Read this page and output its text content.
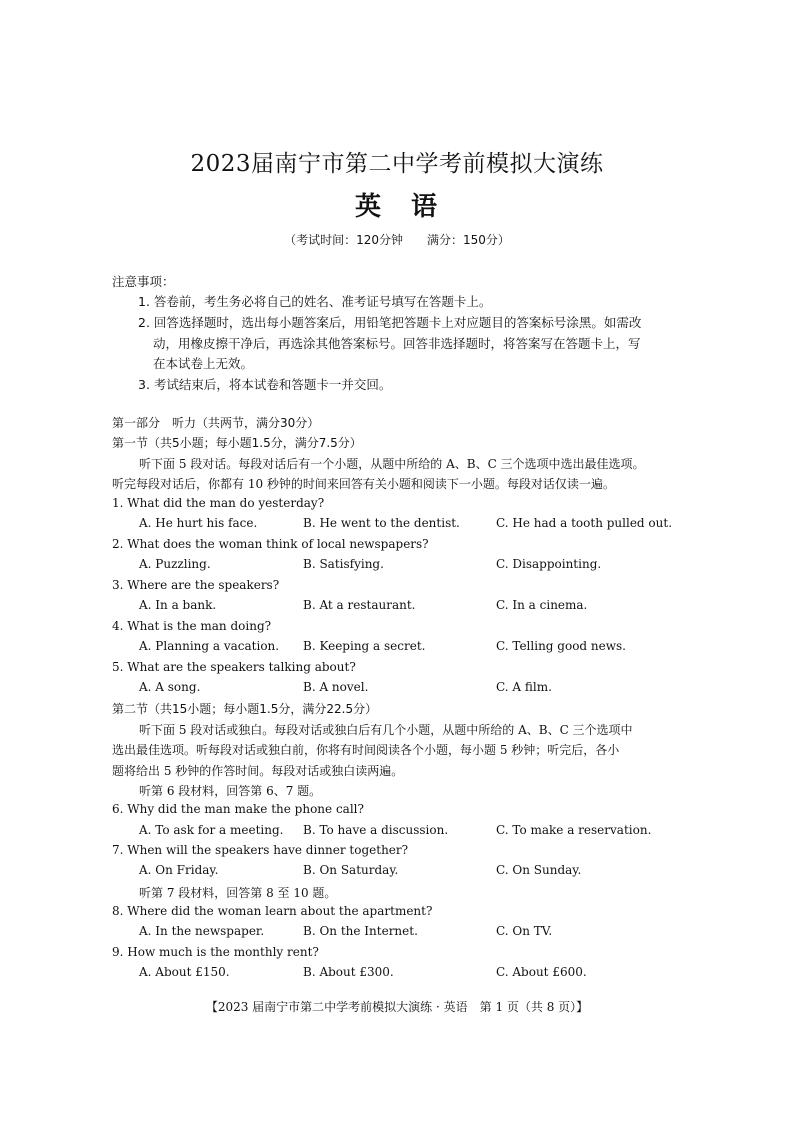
2023届南宁市第二中学考前模拟大演练
英语
（考试时间：120分钟 满分：150分）
注意事项：
1. 答卷前，考生务必将自己的姓名、准考证号填写在答题卡上。
2. 回答选择题时，选出每小题答案后，用铅笔把答题卡上对应题目的答案标号涂黑。如需改
动，用橡皮擦干净后，再选涂其他答案标号。回答非选择题时，将答案写在答题卡上，写
在本试卷上无效。
3. 考试结束后，将本试卷和答题卡一并交回。
第一部分　听力（共两节，满分30分）
第一节（共5小题；每小题1.5分，满分7.5分）
听下面 5 段对话。每段对话后有一个小题，从题中所给的 A、B、C 三个选项中选出最佳选项。
听完每段对话后，你都有 10 秒钟的时间来回答有关小题和阅读下一小题。每段对话仅读一遍。
1. What did the man do yesterday?
A. He hurt his face.	B. He went to the dentist.	C. He had a tooth pulled out.
2. What does the woman think of local newspapers?
A. Puzzling.	B. Satisfying.	C. Disappointing.
3. Where are the speakers?
A. In a bank.	B. At a restaurant.	C. In a cinema.
4. What is the man doing?
A. Planning a vacation. B. Keeping a secret.	C. Telling good news.
5. What are the speakers talking about?
A. A song.	B. A novel.	C. A film.
第二节（共15小题；每小题1.5分，满分22.5分）
听下面 5 段对话或独白。每段对话或独白后有几个小题，从题中所给的 A、B、C 三个选项中
选出最佳选项。听每段对话或独白前，你将有时间阅读各个小题，每小题 5 秒钟；听完后，各小
题将给出 5 秒钟的作答时间。每段对话或独白读两遍。
听第 6 段材料，回答第 6、7 题。
6. Why did the man make the phone call?
A. To ask for a meeting. B. To have a discussion.	C. To make a reservation.
7. When will the speakers have dinner together?
A. On Friday.	B. On Saturday.	C. On Sunday.
听第 7 段材料，回答第 8 至 10 题。
8. Where did the woman learn about the apartment?
A. In the newspaper.	B. On the Internet.	C. On TV.
9. How much is the monthly rent?
A. About £150.	B. About £300.	C. About £600.
【2023 届南宁市第二中学考前模拟大演练 · 英语　第 1 页（共 8 页）】
